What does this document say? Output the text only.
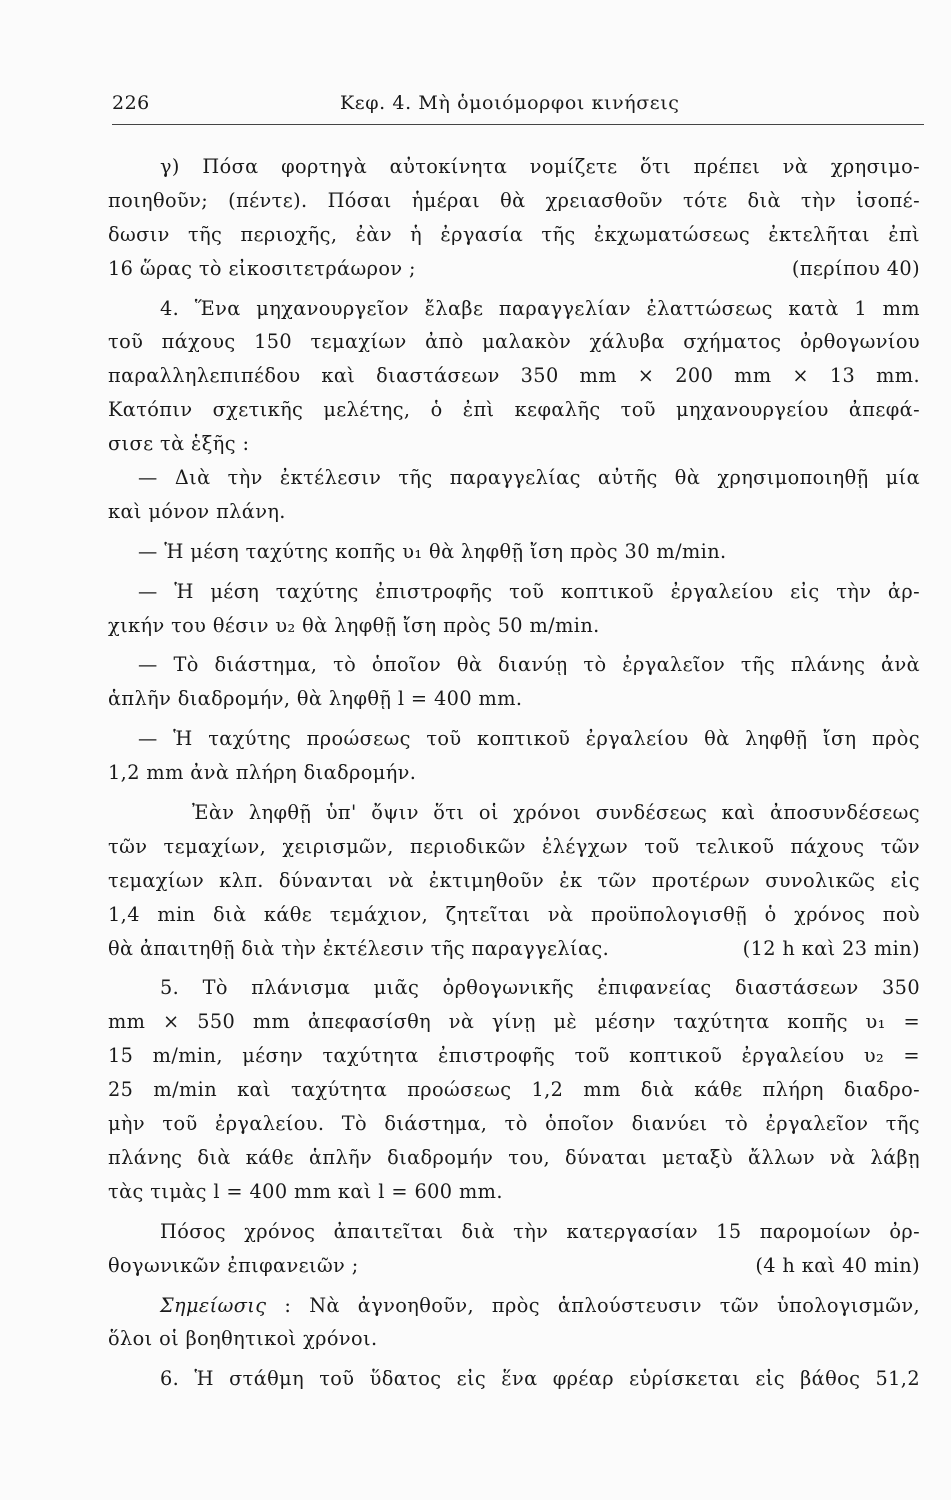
226	Κεφ. 4. Μὴ ὁμοιόμορφοι κινήσεις
γ) Πόσα φορτηγὰ αὐτοκίνητα νομίζετε ὅτι πρέπει νὰ χρησιμο-
ποιηθοῦν; (πέντε). Πόσαι ἡμέραι θὰ χρειασθοῦν τότε διὰ τὴν ἰσοπέ-
δωσιν τῆς περιοχῆς, ἐὰν ἡ ἐργασία τῆς ἐκχωματώσεως ἐκτελῆται ἐπὶ
16 ὥρας τὸ εἰκοσιτετράωρον ;	(περίπου 40)
4. Ἕνα μηχανουργεῖον ἔλαβε παραγγελίαν ἐλαττώσεως κατὰ 1 mm
τοῦ πάχους 150 τεμαχίων ἀπὸ μαλακὸν χάλυβα σχήματος ὀρθογωνίου
παραλληλεπιπέδου καὶ διαστάσεων 350 mm × 200 mm × 13 mm.
Κατόπιν σχετικῆς μελέτης, ὁ ἐπὶ κεφαλῆς τοῦ μηχανουργείου ἀπεφά-
σισε τὰ ἑξῆς :
— Διὰ τὴν ἐκτέλεσιν τῆς παραγγελίας αὐτῆς θὰ χρησιμοποιηθῇ μία
καὶ μόνον πλάνη.
— Ἡ μέση ταχύτης κοπῆς υ₁ θὰ ληφθῇ ἴση πρὸς 30 m/min.
— Ἡ μέση ταχύτης ἐπιστροφῆς τοῦ κοπτικοῦ ἐργαλείου εἰς τὴν ἀρ-
χικήν του θέσιν υ₂ θὰ ληφθῇ ἴση πρὸς 50 m/min.
— Τὸ διάστημα, τὸ ὁποῖον θὰ διανύῃ τὸ ἐργαλεῖον τῆς πλάνης ἀνὰ
ἁπλῆν διαδρομήν, θὰ ληφθῇ l = 400 mm.
— Ἡ ταχύτης προώσεως τοῦ κοπτικοῦ ἐργαλείου θὰ ληφθῇ ἴση πρὸς
1,2 mm ἀνὰ πλήρη διαδρομήν.
Ἐὰν ληφθῇ ὑπ' ὄψιν ὅτι οἱ χρόνοι συνδέσεως καὶ ἀποσυνδέσεως
τῶν τεμαχίων, χειρισμῶν, περιοδικῶν ἐλέγχων τοῦ τελικοῦ πάχους τῶν
τεμαχίων κλπ. δύνανται νὰ ἐκτιμηθοῦν ἐκ τῶν προτέρων συνολικῶς εἰς
1,4 min διὰ κάθε τεμάχιον, ζητεῖται νὰ προϋπολογισθῇ ὁ χρόνος ποὺ
θὰ ἀπαιτηθῇ διὰ τὴν ἐκτέλεσιν τῆς παραγγελίας.	(12 h καὶ 23 min)
5. Τὸ πλάνισμα μιᾶς ὀρθογωνικῆς ἐπιφανείας διαστάσεων 350
mm × 550 mm ἀπεφασίσθη νὰ γίνῃ μὲ μέσην ταχύτητα κοπῆς υ₁ =
15 m/min, μέσην ταχύτητα ἐπιστροφῆς τοῦ κοπτικοῦ ἐργαλείου υ₂ =
25 m/min καὶ ταχύτητα προώσεως 1,2 mm διὰ κάθε πλήρη διαδρο-
μὴν τοῦ ἐργαλείου. Τὸ διάστημα, τὸ ὁποῖον διανύει τὸ ἐργαλεῖον τῆς
πλάνης διὰ κάθε ἁπλῆν διαδρομήν του, δύναται μεταξὺ ἄλλων νὰ λάβῃ
τὰς τιμὰς l = 400 mm καὶ l = 600 mm.
Πόσος χρόνος ἀπαιτεῖται διὰ τὴν κατεργασίαν 15 παρομοίων ὀρ-
θογωνικῶν ἐπιφανειῶν ;	(4 h καὶ 40 min)
Σημείωσις : Νὰ ἀγνοηθοῦν, πρὸς ἁπλούστευσιν τῶν ὑπολογισμῶν,
ὅλοι οἱ βοηθητικοὶ χρόνοι.
6. Ἡ στάθμη τοῦ ὕδατος εἰς ἕνα φρέαρ εὑρίσκεται εἰς βάθος 51,2
